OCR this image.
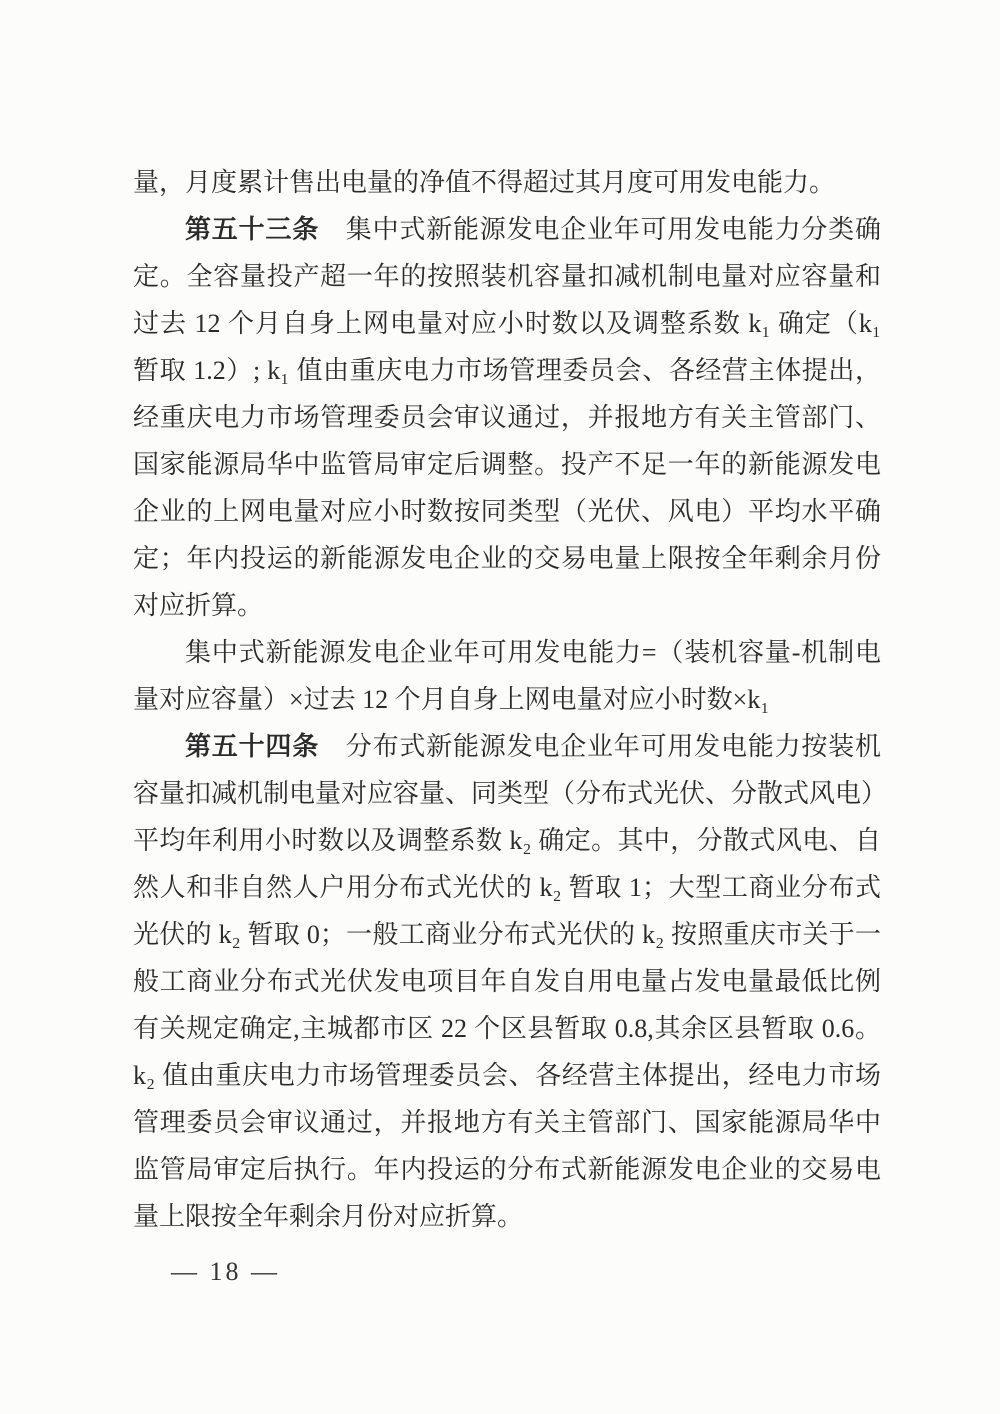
量，月度累计售出电量的净值不得超过其月度可用发电能力。
第五十三条　集中式新能源发电企业年可用发电能力分类确
定。全容量投产超一年的按照装机容量扣减机制电量对应容量和
过去 12 个月自身上网电量对应小时数以及调整系数 k₁ 确定（k₁
暂取 1.2）; k₁ 值由重庆电力市场管理委员会、各经营主体提出，
经重庆电力市场管理委员会审议通过，并报地方有关主管部门、
国家能源局华中监管局审定后调整。投产不足一年的新能源发电
企业的上网电量对应小时数按同类型（光伏、风电）平均水平确
定；年内投运的新能源发电企业的交易电量上限按全年剩余月份
对应折算。
集中式新能源发电企业年可用发电能力=（装机容量-机制电
量对应容量）×过去 12 个月自身上网电量对应小时数×k₁
第五十四条　分布式新能源发电企业年可用发电能力按装机
容量扣减机制电量对应容量、同类型（分布式光伏、分散式风电）
平均年利用小时数以及调整系数 k₂ 确定。其中，分散式风电、自
然人和非自然人户用分布式光伏的 k₂ 暂取 1；大型工商业分布式
光伏的 k₂ 暂取 0；一般工商业分布式光伏的 k₂ 按照重庆市关于一
般工商业分布式光伏发电项目年自发自用电量占发电量最低比例
有关规定确定,主城都市区 22 个区县暂取 0.8,其余区县暂取 0.6。
k₂ 值由重庆电力市场管理委员会、各经营主体提出，经电力市场
管理委员会审议通过，并报地方有关主管部门、国家能源局华中
监管局审定后执行。年内投运的分布式新能源发电企业的交易电
量上限按全年剩余月份对应折算。
— 18 —
